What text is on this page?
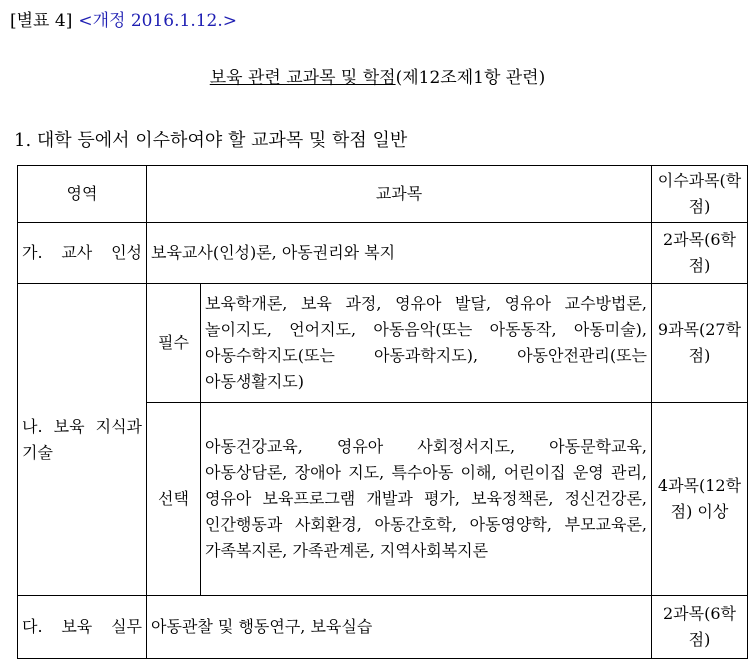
[별표 4] <개정 2016.1.12.>
보육 관련 교과목 및 학점(제12조제1항 관련)
1. 대학 등에서 이수하여야 할 교과목 및 학점 일반
영역	교과목		이수과목(학점)
가. 교사 인성	보육교사(인성)론, 아동권리와 복지		2과목(6학점)
나. 보육 지식과 기술	필수	보육학개론, 보육 과정, 영유아 발달, 영유아 교수방법론, 놀이지도, 언어지도, 아동음악(또는 아동동작, 아동미술), 아동수학지도(또는 아동과학지도), 아동안전관리(또는 아동생활지도)	9과목(27학점)
	선택	아동건강교육, 영유아 사회정서지도, 아동문학교육, 아동상담론, 장애아 지도, 특수아동 이해, 어린이집 운영 관리, 영유아 보육프로그램 개발과 평가, 보육정책론, 정신건강론, 인간행동과 사회환경, 아동간호학, 아동영양학, 부모교육론, 가족복지론, 가족관계론, 지역사회복지론	4과목(12학점) 이상
다. 보육 실무	아동관찰 및 행동연구, 보육실습		2과목(6학점)
